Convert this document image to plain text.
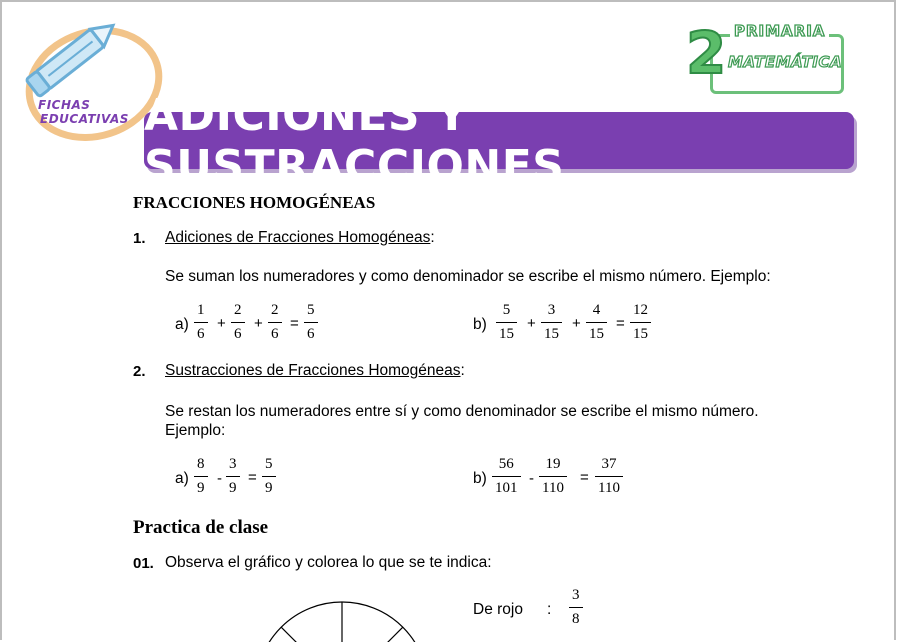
FICHAS
EDUCATIVAS
2 PRIMARIA
MATEMÁTICA
ADICIONES Y SUSTRACCIONES
FRACCIONES HOMOGÉNEAS
1. Adiciones de Fracciones Homogéneas:
Se suman los numeradores y como denominador se escribe el mismo número. Ejemplo:
$a) \frac{1}{6} + \frac{2}{6} + \frac{2}{6} = \frac{5}{6}$	$b) \frac{5}{15} + \frac{3}{15} + \frac{4}{15} = \frac{12}{15}$
2. Sustracciones de Fracciones Homogéneas:
Se restan los numeradores entre sí y como denominador se escribe el mismo número.
Ejemplo:
$a) \frac{8}{9} - \frac{3}{9} = \frac{5}{9}$	$b) \frac{56}{101} - \frac{19}{110} = \frac{37}{110}$
Practica de clase
01. Observa el gráfico y colorea lo que se te indica:
De rojo : $\frac{3}{8}$
